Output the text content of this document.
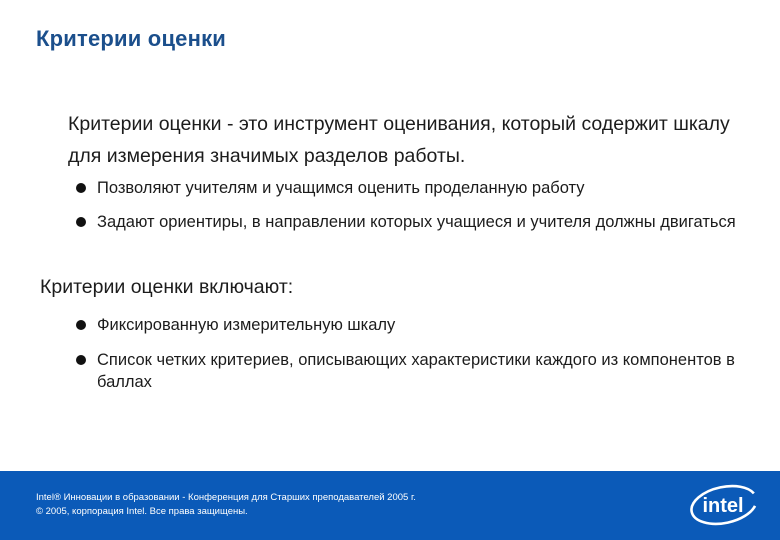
Критерии оценки
Критерии оценки - это инструмент оценивания, который содержит шкалу для измерения значимых разделов работы.
Позволяют учителям и учащимся оценить проделанную работу
Задают ориентиры, в направлении которых учащиеся и учителя должны двигаться
Критерии оценки включают:
Фиксированную измерительную шкалу
Список четких критериев, описывающих характеристики каждого из компонентов в баллах
Intel® Инновации в образовании - Конференция для Старших преподавателей 2005 г.
© 2005, корпорация Intel. Все права защищены.	intel
